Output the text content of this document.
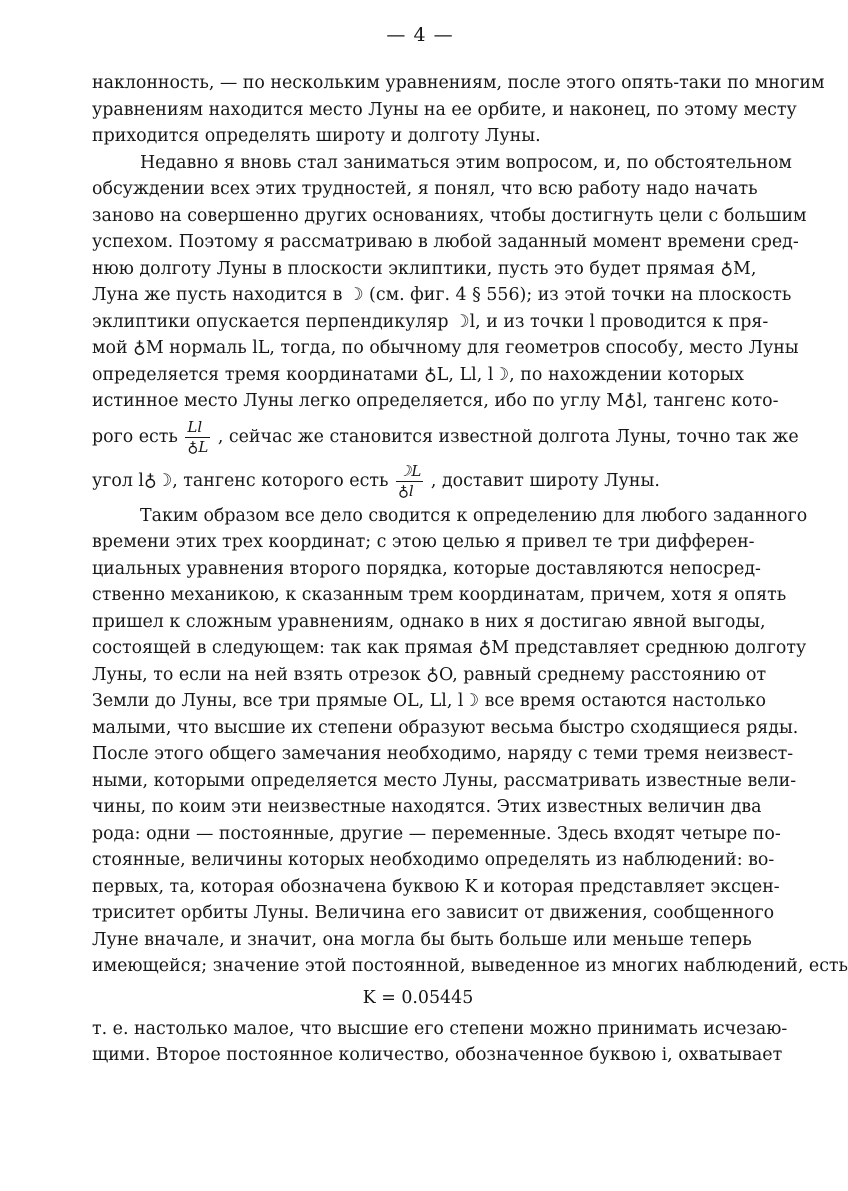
— 4 —
наклонность, — по нескольким уравнениям, после этого опять-таки по многим
уравнениям находится место Луны на ее орбите, и наконец, по этому месту
приходится определять широту и долготу Луны.
Недавно я вновь стал заниматься этим вопросом, и, по обстоятельном
обсуждении всех этих трудностей, я понял, что всю работу надо начать
заново на совершенно других основаниях, чтобы достигнуть цели с большим
успехом. Поэтому я рассматриваю в любой заданный момент времени сред-
нюю долготу Луны в плоскости эклиптики, пусть это будет прямая ♁M,
Луна же пусть находится в ☽ (см. фиг. 4 § 556); из этой точки на плоскость
эклиптики опускается перпендикуляр ☽l, и из точки l проводится к пря-
мой ♁M нормаль lL, тогда, по обычному для геометров способу, место Луны
определяется тремя координатами ♁L, Ll, l☽, по нахождении которых
истинное место Луны легко определяется, ибо по углу M♁l, тангенс кото-
рого есть $\frac{Ll}{♁L}$ , сейчас же становится известной долгота Луны, точно так же
угол l♁☽, тангенс которого есть $\frac{☽L}{♁l}$ , доставит широту Луны.
Таким образом все дело сводится к определению для любого заданного
времени этих трех координат; с этою целью я привел те три дифферен-
циальных уравнения второго порядка, которые доставляются непосред-
ственно механикою, к сказанным трем координатам, причем, хотя я опять
пришел к сложным уравнениям, однако в них я достигаю явной выгоды,
состоящей в следующем: так как прямая ♁M представляет среднюю долготу
Луны, то если на ней взять отрезок ♁O, равный среднему расстоянию от
Земли до Луны, все три прямые OL, Ll, l☽ все время остаются настолько
малыми, что высшие их степени образуют весьма быстро сходящиеся ряды.
После этого общего замечания необходимо, наряду с теми тремя неизвест-
ными, которыми определяется место Луны, рассматривать известные вели-
чины, по коим эти неизвестные находятся. Этих известных величин два
рода: одни — постоянные, другие — переменные. Здесь входят четыре по-
стоянные, величины которых необходимо определять из наблюдений: во-
первых, та, которая обозначена буквою K и которая представляет эксцен-
триситет орбиты Луны. Величина его зависит от движения, сообщенного
Луне вначале, и значит, она могла бы быть больше или меньше теперь
имеющейся; значение этой постоянной, выведенное из многих наблюдений, есть
K = 0.05445
т. е. настолько малое, что высшие его степени можно принимать исчезаю-
щими. Второе постоянное количество, обозначенное буквою i, охватывает
